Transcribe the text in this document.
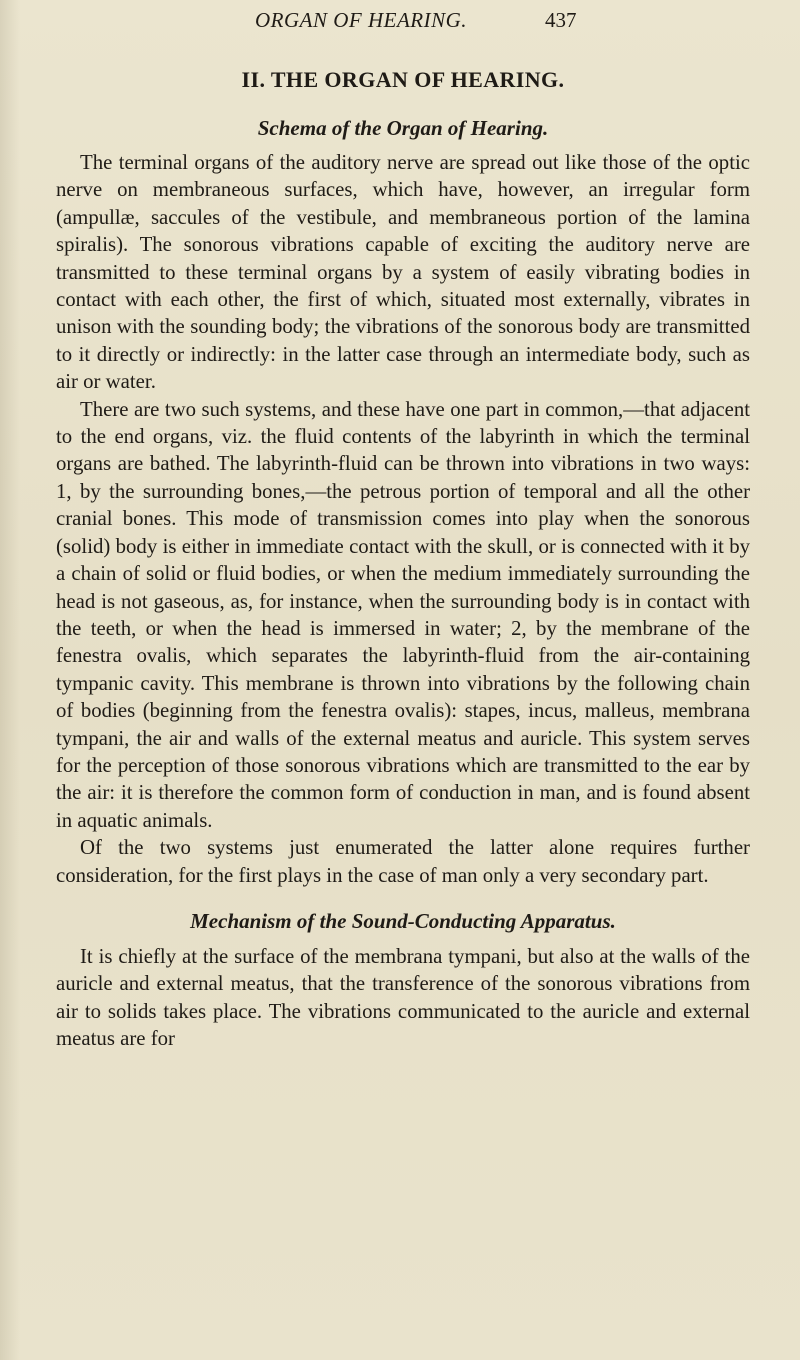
ORGAN OF HEARING.	437
II. THE ORGAN OF HEARING.
Schema of the Organ of Hearing.

The terminal organs of the auditory nerve are spread out like those of the optic nerve on membraneous surfaces, which have, however, an irregular form (ampullæ, saccules of the vestibule, and membraneous portion of the lamina spiralis). The sonorous vibrations capable of exciting the auditory nerve are transmitted to these terminal organs by a system of easily vibrating bodies in contact with each other, the first of which, situated most externally, vibrates in unison with the sounding body; the vibrations of the sonorous body are transmitted to it directly or indirectly: in the latter case through an intermediate body, such as air or water.

There are two such systems, and these have one part in common,—that adjacent to the end organs, viz. the fluid contents of the labyrinth in which the terminal organs are bathed. The labyrinth-fluid can be thrown into vibrations in two ways: 1, by the surrounding bones,—the petrous portion of temporal and all the other cranial bones. This mode of transmission comes into play when the sonorous (solid) body is either in immediate contact with the skull, or is connected with it by a chain of solid or fluid bodies, or when the medium immediately surrounding the head is not gaseous, as, for instance, when the surrounding body is in contact with the teeth, or when the head is immersed in water; 2, by the membrane of the fenestra ovalis, which separates the labyrinth-fluid from the air-containing tympanic cavity. This membrane is thrown into vibrations by the following chain of bodies (beginning from the fenestra ovalis): stapes, incus, malleus, membrana tympani, the air and walls of the external meatus and auricle. This system serves for the perception of those sonorous vibrations which are transmitted to the ear by the air: it is therefore the common form of conduction in man, and is found absent in aquatic animals.

Of the two systems just enumerated the latter alone requires further consideration, for the first plays in the case of man only a very secondary part.

Mechanism of the Sound-Conducting Apparatus.

It is chiefly at the surface of the membrana tympani, but also at the walls of the auricle and external meatus, that the transference of the sonorous vibrations from air to solids takes place. The vibrations communicated to the auricle and external meatus are for
